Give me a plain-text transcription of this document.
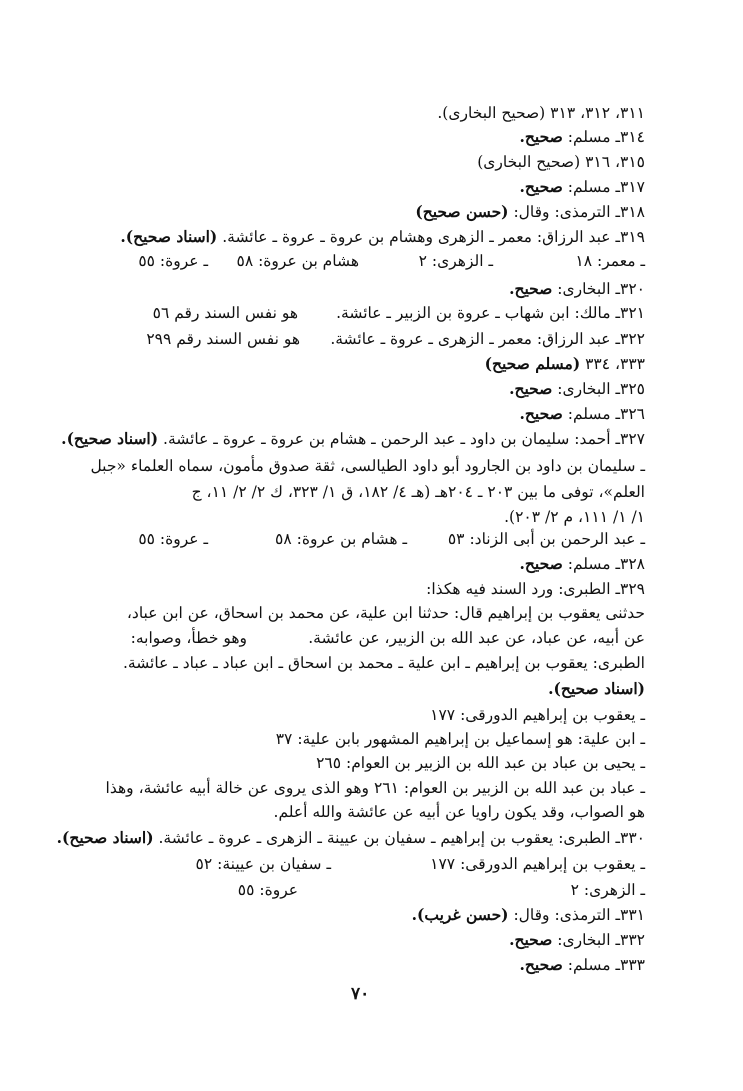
٣١١، ٣١٢، ٣١٣ (صحيح البخارى).
٣١٤ـ مسلم: صحيح.
٣١٥، ٣١٦ (صحيح البخارى)
٣١٧ـ مسلم: صحيح.
٣١٨ـ الترمذى: وقال: (حسن صحيح)
٣١٩ـ عبد الرزاق: معمر ـ الزهرى وهشام بن عروة ـ عروة ـ عائشة. (اسناد صحيح).
ـ معمر: ١٨
ـ الزهرى: ٢
هشام بن عروة: ٥٨
ـ عروة: ٥٥
٣٢٠ـ البخارى: صحيح.
٣٢١ـ مالك: ابن شهاب ـ عروة بن الزبير ـ عائشة.
هو نفس السند رقم ٥٦
٣٢٢ـ عبد الرزاق: معمر ـ الزهرى ـ عروة ـ عائشة.
هو نفس السند رقم ٢٩٩
٣٣٣، ٣٣٤ (مسلم صحيح)
٣٢٥ـ البخارى: صحيح.
٣٢٦ـ مسلم: صحيح.
٣٢٧ـ أحمد: سليمان بن داود ـ عبد الرحمن ـ هشام بن عروة ـ عروة ـ عائشة. (اسناد صحيح).
ـ سليمان بن داود بن الجارود أبو داود الطيالسى، ثقة صدوق مأمون، سماه العلماء «جبل
العلم»، توفى ما بين ٢٠٣ ـ ٢٠٤هـ (هـ ٤/ ١٨٢، ق ١/ ٣٢٣، ك ٢/ ٢/ ١١، ج
١/ ١/ ١١١، م ٢/ ٢٠٣).
ـ عبد الرحمن بن أبى الزناد: ٥٣
ـ هشام بن عروة: ٥٨
ـ عروة: ٥٥
٣٢٨ـ مسلم: صحيح.
٣٢٩ـ الطبرى: ورد السند فيه هكذا:
حدثنى يعقوب بن إبراهيم قال: حدثنا ابن علية، عن محمد بن اسحاق، عن ابن عباد،
عن أبيه، عن عباد، عن عبد الله بن الزبير، عن عائشة.
وهو خطأ، وصوابه:
الطبرى: يعقوب بن إبراهيم ـ ابن علية ـ محمد بن اسحاق ـ ابن عباد ـ عباد ـ عائشة.
(اسناد صحيح).
ـ يعقوب بن إبراهيم الدورقى: ١٧٧
ـ ابن علية: هو إسماعيل بن إبراهيم المشهور بابن علية: ٣٧
ـ يحيى بن عباد بن عبد الله بن الزبير بن العوام: ٢٦٥
ـ عباد بن عبد الله بن الزبير بن العوام: ٢٦١ وهو الذى يروى عن خالة أبيه عائشة، وهذا
هو الصواب، وقد يكون راويا عن أبيه عن عائشة والله أعلم.
٣٣٠ـ الطبرى: يعقوب بن إبراهيم ـ سفيان بن عيينة ـ الزهرى ـ عروة ـ عائشة. (اسناد صحيح).
ـ يعقوب بن إبراهيم الدورقى: ١٧٧
ـ سفيان بن عيينة: ٥٢
ـ الزهرى: ٢
عروة: ٥٥
٣٣١ـ الترمذى: وقال: (حسن غريب).
٣٣٢ـ البخارى: صحيح.
٣٣٣ـ مسلم: صحيح.
٧٠
